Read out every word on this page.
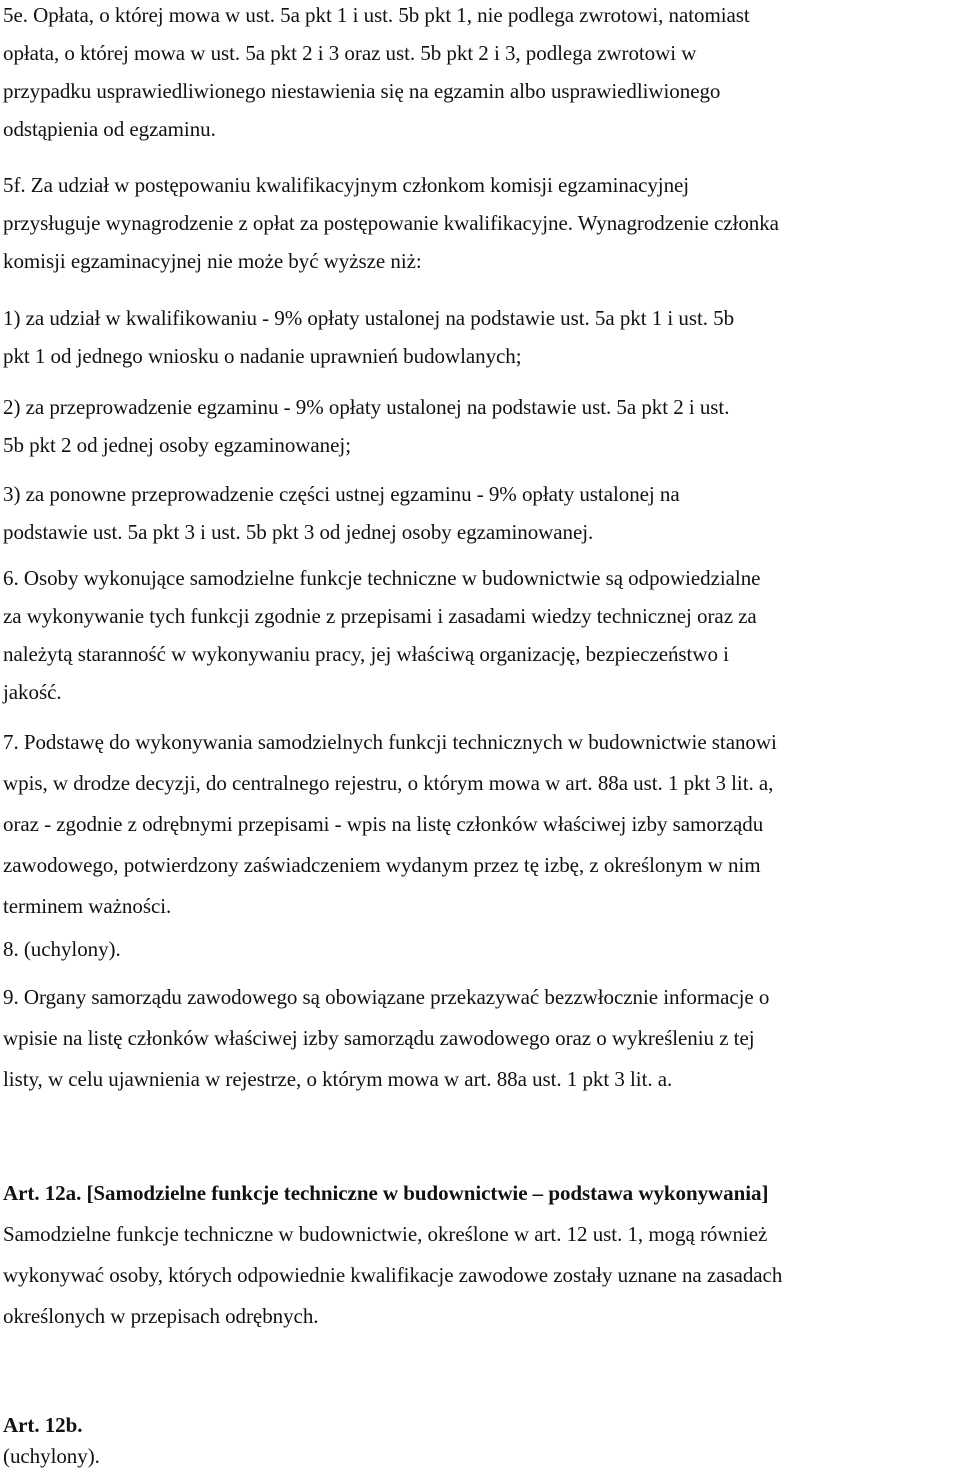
5e. Opłata, o której mowa w ust. 5a pkt 1 i ust. 5b pkt 1, nie podlega zwrotowi, natomiast
opłata, o której mowa w ust. 5a pkt 2 i 3 oraz ust. 5b pkt 2 i 3, podlega zwrotowi w
przypadku usprawiedliwionego niestawienia się na egzamin albo usprawiedliwionego
odstąpienia od egzaminu.
5f. Za udział w postępowaniu kwalifikacyjnym członkom komisji egzaminacyjnej
przysługuje wynagrodzenie z opłat za postępowanie kwalifikacyjne. Wynagrodzenie członka
komisji egzaminacyjnej nie może być wyższe niż:
1) za udział w kwalifikowaniu - 9% opłaty ustalonej na podstawie ust. 5a pkt 1 i ust. 5b
pkt 1 od jednego wniosku o nadanie uprawnień budowlanych;
2) za przeprowadzenie egzaminu - 9% opłaty ustalonej na podstawie ust. 5a pkt 2 i ust.
5b pkt 2 od jednej osoby egzaminowanej;
3) za ponowne przeprowadzenie części ustnej egzaminu - 9% opłaty ustalonej na
podstawie ust. 5a pkt 3 i ust. 5b pkt 3 od jednej osoby egzaminowanej.
6. Osoby wykonujące samodzielne funkcje techniczne w budownictwie są odpowiedzialne
za wykonywanie tych funkcji zgodnie z przepisami i zasadami wiedzy technicznej oraz za
należytą staranność w wykonywaniu pracy, jej właściwą organizację, bezpieczeństwo i
jakość.
7. Podstawę do wykonywania samodzielnych funkcji technicznych w budownictwie stanowi
wpis, w drodze decyzji, do centralnego rejestru, o którym mowa w art. 88a ust. 1 pkt 3 lit. a,
oraz - zgodnie z odrębnymi przepisami - wpis na listę członków właściwej izby samorządu
zawodowego, potwierdzony zaświadczeniem wydanym przez tę izbę, z określonym w nim
terminem ważności.
8. (uchylony).
9. Organy samorządu zawodowego są obowiązane przekazywać bezzwłocznie informacje o
wpisie na listę członków właściwej izby samorządu zawodowego oraz o wykreśleniu z tej
listy, w celu ujawnienia w rejestrze, o którym mowa w art. 88a ust. 1 pkt 3 lit. a.
Art. 12a. [Samodzielne funkcje techniczne w budownictwie – podstawa wykonywania]
Samodzielne funkcje techniczne w budownictwie, określone w art. 12 ust. 1, mogą również
wykonywać osoby, których odpowiednie kwalifikacje zawodowe zostały uznane na zasadach
określonych w przepisach odrębnych.
Art. 12b.
(uchylony).
